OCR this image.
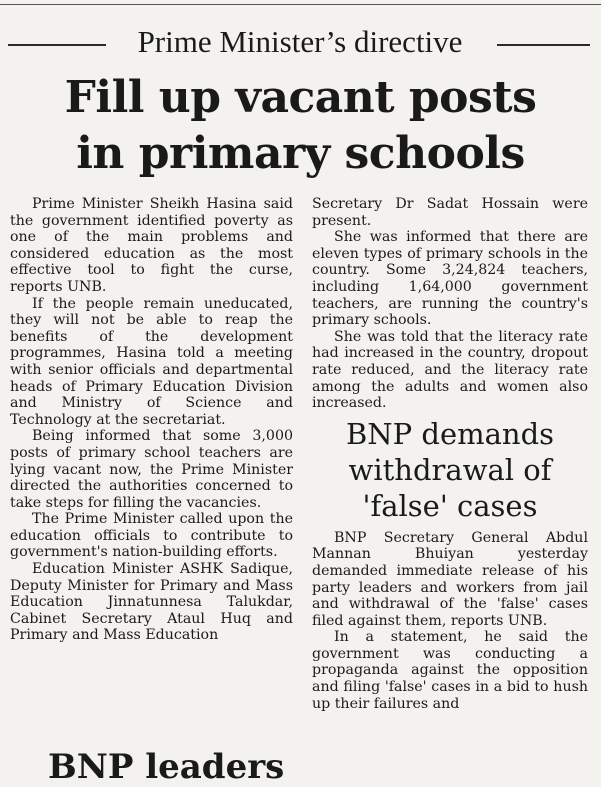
Prime Minister’s directive
Fill up vacant posts
in primary schools

Prime Minister Sheikh Hasina said the government identified poverty as one of the main problems and considered education as the most effective tool to fight the curse, reports UNB.

If the people remain uneducated, they will not be able to reap the benefits of the development programmes, Hasina told a meeting with senior officials and departmental heads of Primary Education Division and Ministry of Science and Technology at the secretariat.

Being informed that some 3,000 posts of primary school teachers are lying vacant now, the Prime Minister directed the authorities concerned to take steps for filling the vacancies.

The Prime Minister called upon the education officials to contribute to government's nation-building efforts.

Education Minister ASHK Sadique, Deputy Minister for Primary and Mass Education Jinnatunnesa Talukdar, Cabinet Secretary Ataul Huq and Primary and Mass Education

Secretary Dr Sadat Hossain were present.

She was informed that there are eleven types of primary schools in the country. Some 3,24,824 teachers, including 1,64,000 government teachers, are running the country's primary schools.

She was told that the literacy rate had increased in the country, dropout rate reduced, and the literacy rate among the adults and women also increased.

BNP demands
withdrawal of
'false' cases

BNP Secretary General Abdul Mannan Bhuiyan yesterday demanded immediate release of his party leaders and workers from jail and withdrawal of the 'false' cases filed against them, reports UNB.

In a statement, he said the government was conducting a propaganda against the opposition and filing 'false' cases in a bid to hush up their failures and

BNP leaders
